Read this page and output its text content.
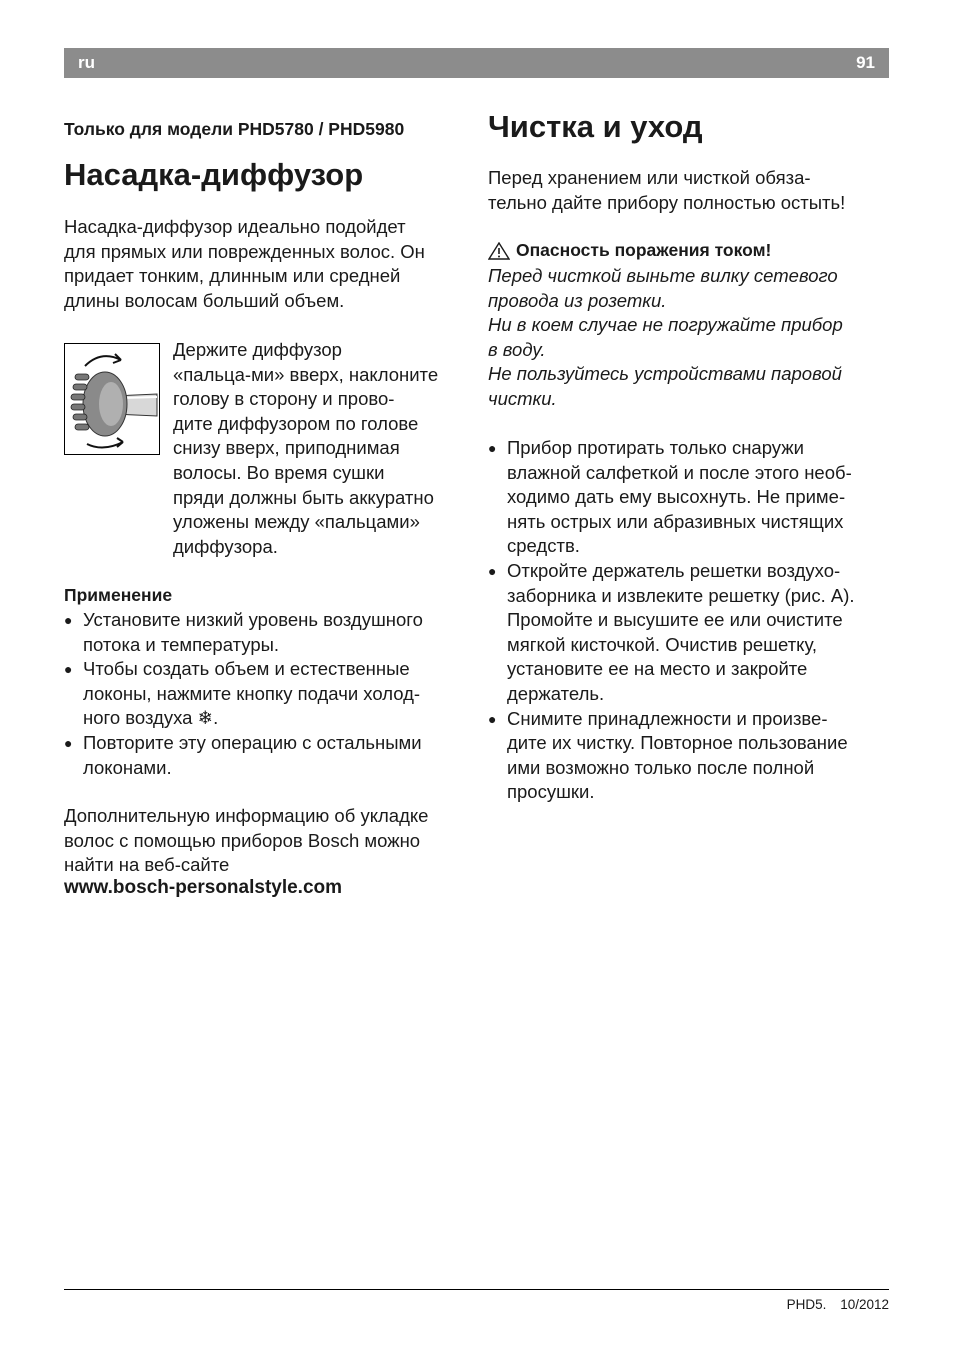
ru	91
Только для модели PHD5780 / PHD5980
Насадка-диффузор
Насадка-диффузор идеально подойдет
для прямых или поврежденных волос. Он
придает тонким, длинным или средней
длины волосам больший объем.
Держите диффузор
«пальца-ми» вверх, наклоните
голову в сторону и прово-
дите диффузором по голове
снизу вверх, приподнимая
волосы. Во время сушки
пряди должны быть аккуратно
уложены между «пальцами»
диффузора.
Применение
● Установите низкий уровень воздушного
потока и температуры.
● Чтобы создать объем и естественные
локоны, нажмите кнопку подачи холод-
ного воздуха ❄.
● Повторите эту операцию с остальными
локонами.
Дополнительную информацию об укладке
волос с помощью приборов Bosch можно
найти на веб-сайте
www.bosch-personalstyle.com
Чистка и уход
Перед хранением или чисткой обяза-
тельно дайте прибору полностью остыть!
Опасность поражения током!
Перед чисткой выньте вилку сетевого
провода из розетки.
Ни в коем случае не погружайте прибор
в воду.
Не пользуйтесь устройствами паровой
чистки.
● Прибор протирать только снаружи
влажной салфеткой и после этого необ-
ходимо дать ему высохнуть. Не приме-
нять острых или абразивных чистящих
средств.
● Откройте держатель решетки воздухо-
заборника и извлеките решетку (рис. A).
Промойте и высушите ее или очистите
мягкой кисточкой. Очистив решетку,
установите ее на место и закройте
держатель.
● Снимите принадлежности и произве-
дите их чистку. Повторное пользование
ими возможно только после полной
просушки.
PHD5. 10/2012
